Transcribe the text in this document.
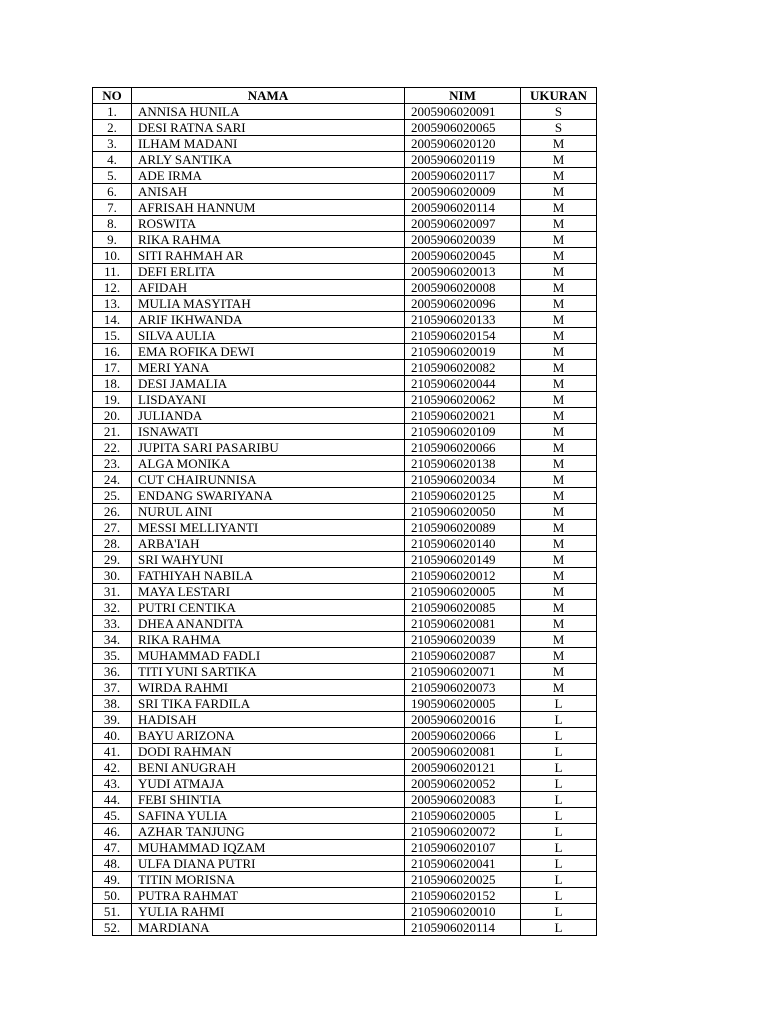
NO	NAMA	NIM	UKURAN
1.	ANNISA HUNILA	2005906020091	S
2.	DESI RATNA SARI	2005906020065	S
3.	ILHAM MADANI	2005906020120	M
4.	ARLY SANTIKA	2005906020119	M
5.	ADE IRMA	2005906020117	M
6.	ANISAH	2005906020009	M
7.	AFRISAH HANNUM	2005906020114	M
8.	ROSWITA	2005906020097	M
9.	RIKA RAHMA	2005906020039	M
10.	SITI RAHMAH AR	2005906020045	M
11.	DEFI ERLITA	2005906020013	M
12.	AFIDAH	2005906020008	M
13.	MULIA MASYITAH	2005906020096	M
14.	ARIF IKHWANDA	2105906020133	M
15.	SILVA AULIA	2105906020154	M
16.	EMA ROFIKA DEWI	2105906020019	M
17.	MERI YANA	2105906020082	M
18.	DESI JAMALIA	2105906020044	M
19.	LISDAYANI	2105906020062	M
20.	JULIANDA	2105906020021	M
21.	ISNAWATI	2105906020109	M
22.	JUPITA SARI PASARIBU	2105906020066	M
23.	ALGA MONIKA	2105906020138	M
24.	CUT CHAIRUNNISA	2105906020034	M
25.	ENDANG SWARIYANA	2105906020125	M
26.	NURUL AINI	2105906020050	M
27.	MESSI MELLIYANTI	2105906020089	M
28.	ARBA'IAH	2105906020140	M
29.	SRI WAHYUNI	2105906020149	M
30.	FATHIYAH NABILA	2105906020012	M
31.	MAYA LESTARI	2105906020005	M
32.	PUTRI CENTIKA	2105906020085	M
33.	DHEA ANANDITA	2105906020081	M
34.	RIKA RAHMA	2105906020039	M
35.	MUHAMMAD FADLI	2105906020087	M
36.	TITI YUNI SARTIKA	2105906020071	M
37.	WIRDA RAHMI	2105906020073	M
38.	SRI TIKA FARDILA	1905906020005	L
39.	HADISAH	2005906020016	L
40.	BAYU ARIZONA	2005906020066	L
41.	DODI RAHMAN	2005906020081	L
42.	BENI ANUGRAH	2005906020121	L
43.	YUDI ATMAJA	2005906020052	L
44.	FEBI SHINTIA	2005906020083	L
45.	SAFINA YULIA	2105906020005	L
46.	AZHAR TANJUNG	2105906020072	L
47.	MUHAMMAD IQZAM	2105906020107	L
48.	ULFA DIANA PUTRI	2105906020041	L
49.	TITIN MORISNA	2105906020025	L
50.	PUTRA RAHMAT	2105906020152	L
51.	YULIA RAHMI	2105906020010	L
52.	MARDIANA	2105906020114	L
